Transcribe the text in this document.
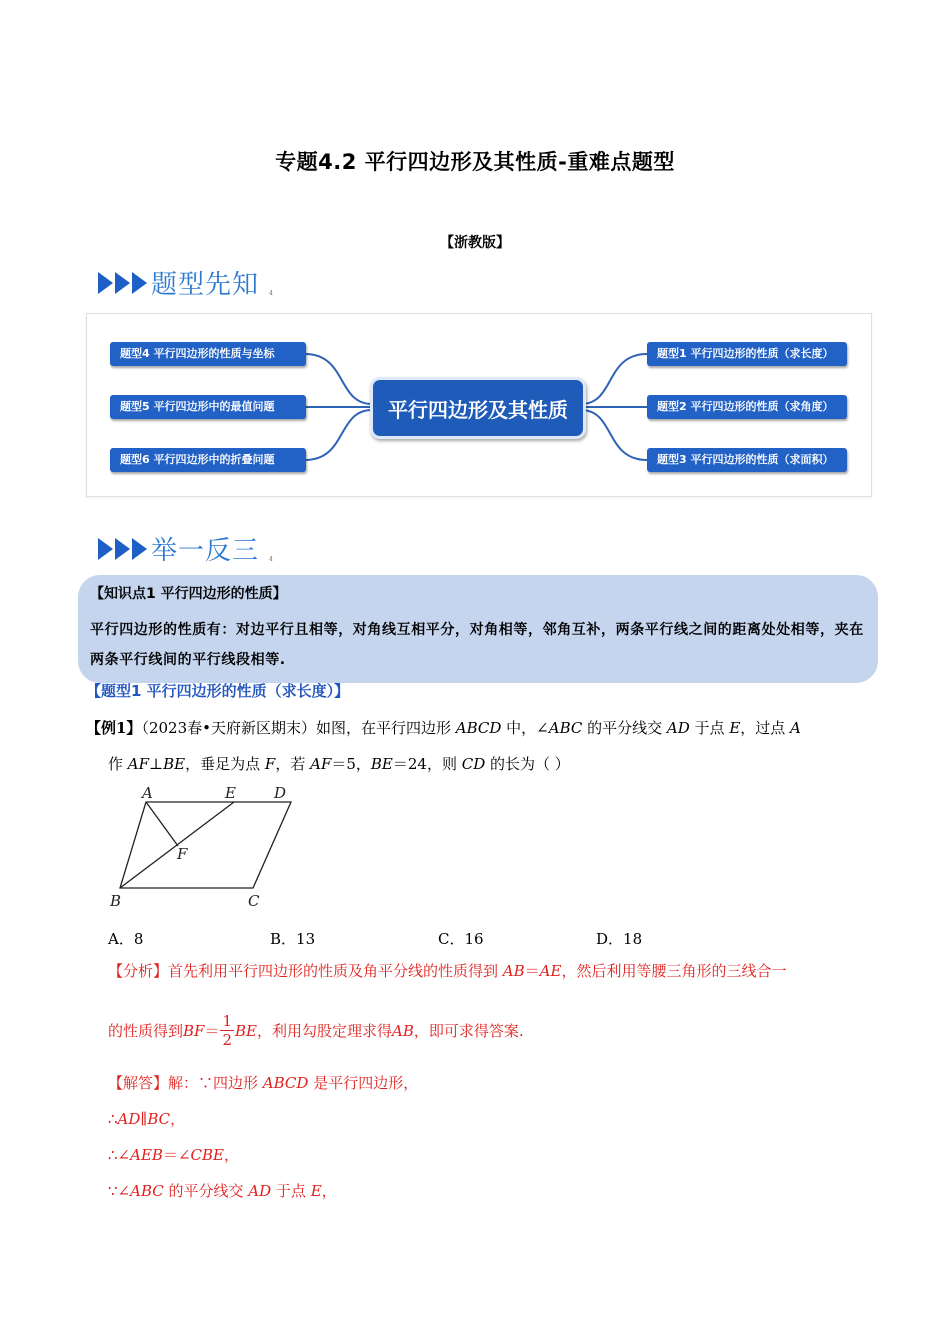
专题4.2 平行四边形及其性质-重难点题型
【浙教版】
题型先知 4
题型4 平行四边形的性质与坐标
题型5 平行四边形中的最值问题
题型6 平行四边形中的折叠问题
平行四边形及其性质
题型1 平行四边形的性质（求长度）
题型2 平行四边形的性质（求角度）
题型3 平行四边形的性质（求面积）
举一反三 4
【知识点1 平行四边形的性质】
平行四边形的性质有：对边平行且相等，对角线互相平分，对角相等，邻角互补，两条平行线之间的距离处处相等，夹在两条平行线间的平行线段相等.
【题型1 平行四边形的性质（求长度）】
【例1】（2023春•天府新区期末）如图，在平行四边形 ABCD 中，∠ABC 的平分线交 AD 于点 E，过点 A
作 AF⊥BE，垂足为点 F，若 AF＝5，BE＝24，则 CD 的长为（ ）
A	E	D
F
B	C
A．8	B．13	C．16	D．18
【分析】首先利用平行四边形的性质及角平分线的性质得到 AB＝AE，然后利用等腰三角形的三线合一
的性质得到 BF ＝ $\frac{1}{2}$ BE ，利用勾股定理求得 AB ，即可求得答案.
【解答】解：∵四边形 ABCD 是平行四边形，
∴AD∥BC，
∴∠AEB＝∠CBE，
∵∠ABC 的平分线交 AD 于点 E，
